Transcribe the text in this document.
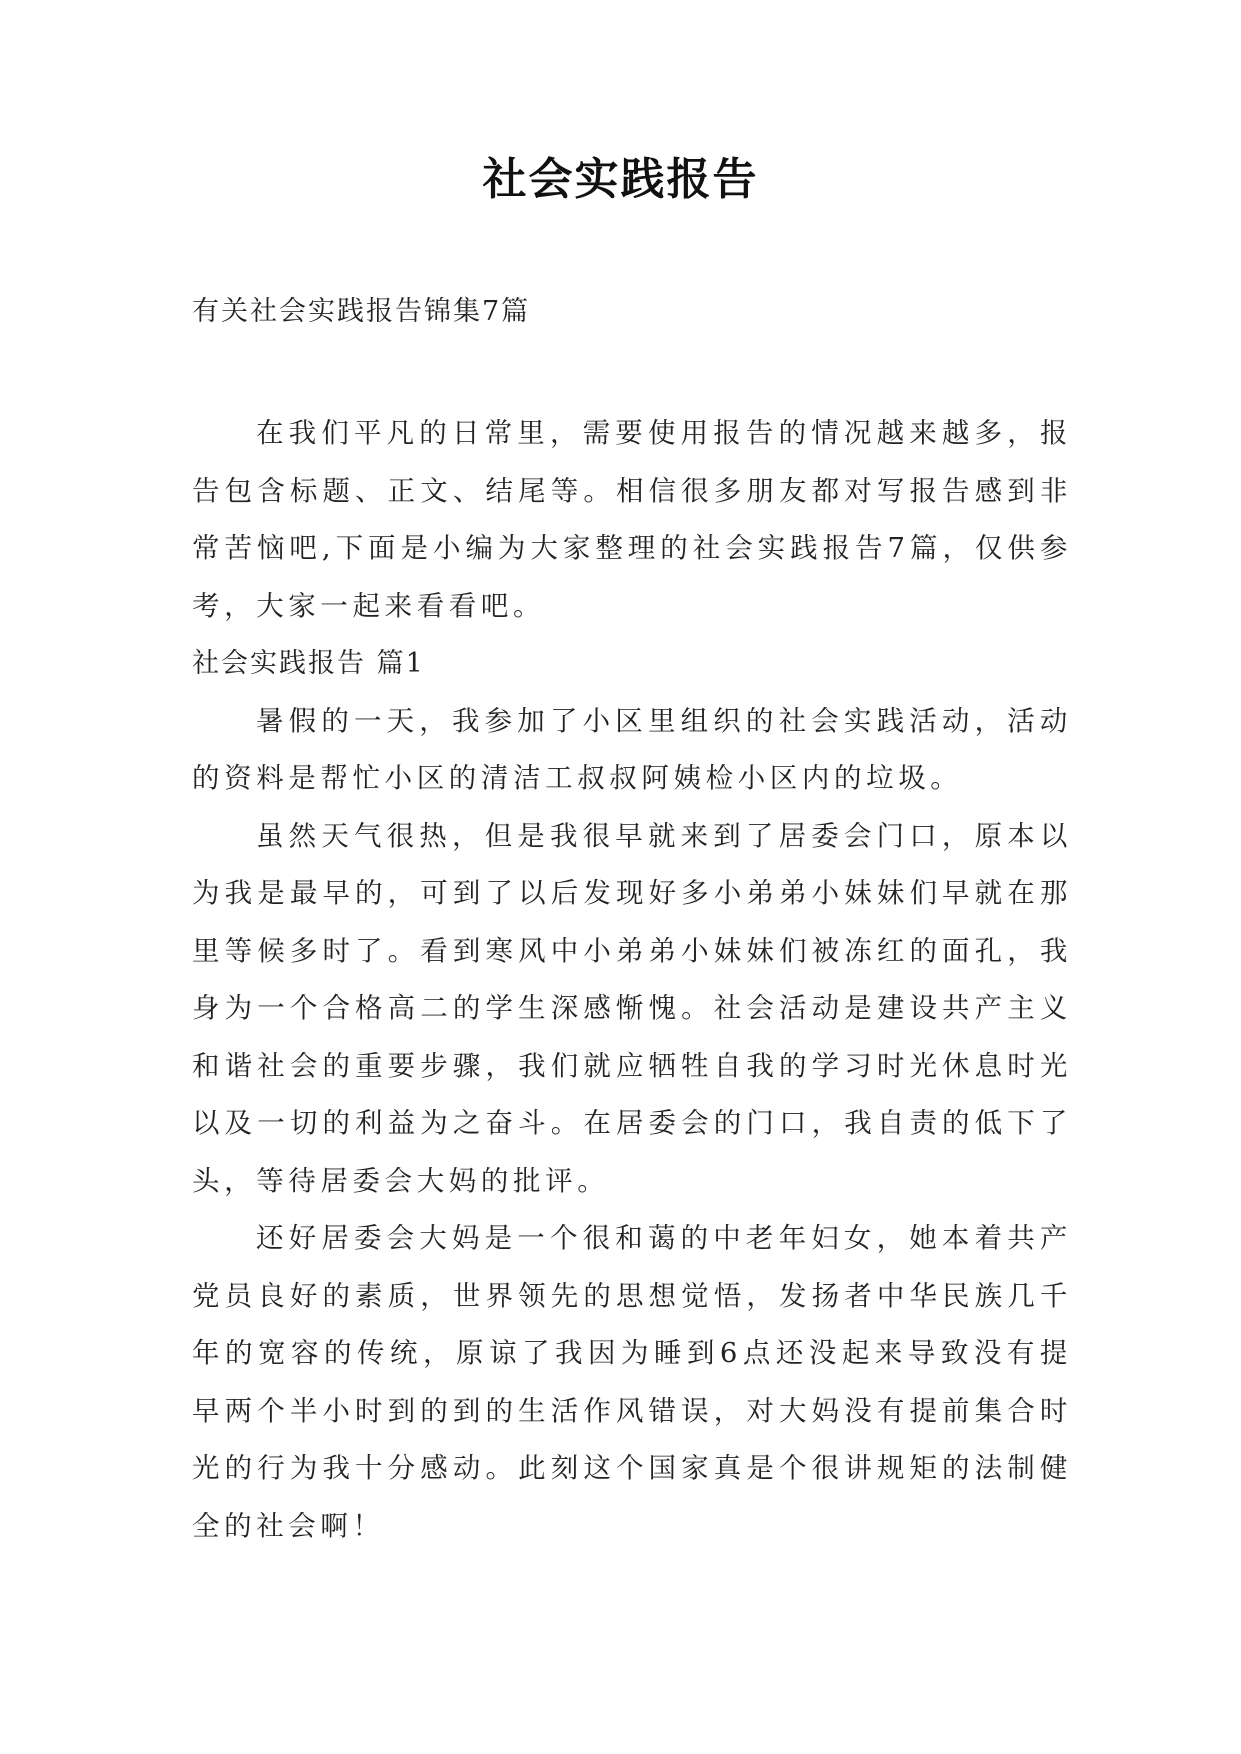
社会实践报告
有关社会实践报告锦集7篇

在我们平凡的日常里，需要使用报告的情况越来越多，报告包含标题、正文、结尾等。相信很多朋友都对写报告感到非常苦恼吧,下面是小编为大家整理的社会实践报告7篇，仅供参考，大家一起来看看吧。

社会实践报告 篇1

暑假的一天，我参加了小区里组织的社会实践活动，活动的资料是帮忙小区的清洁工叔叔阿姨检小区内的垃圾。

虽然天气很热，但是我很早就来到了居委会门口，原本以为我是最早的，可到了以后发现好多小弟弟小妹妹们早就在那里等候多时了。看到寒风中小弟弟小妹妹们被冻红的面孔，我身为一个合格高二的学生深感惭愧。社会活动是建设共产主义和谐社会的重要步骤，我们就应牺牲自我的学习时光休息时光以及一切的利益为之奋斗。在居委会的门口，我自责的低下了头，等待居委会大妈的批评。

还好居委会大妈是一个很和蔼的中老年妇女，她本着共产党员良好的素质，世界领先的思想觉悟，发扬者中华民族几千年的宽容的传统，原谅了我因为睡到6点还没起来导致没有提早两个半小时到的到的生活作风错误，对大妈没有提前集合时光的行为我十分感动。此刻这个国家真是个很讲规矩的法制健全的社会啊！
